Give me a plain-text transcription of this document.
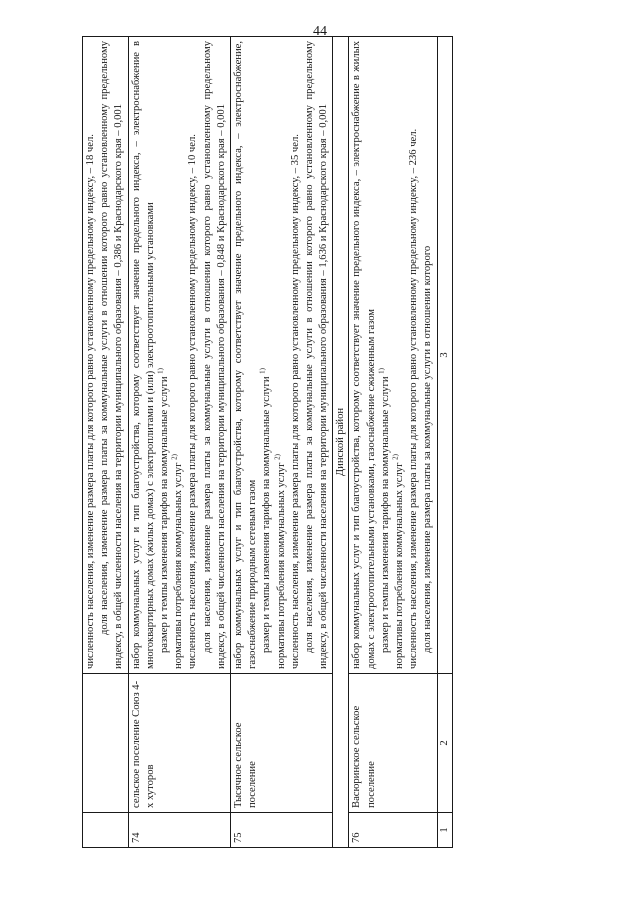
44

		численность населения, изменение размера платы для которого равно установленному предельному индексу, – 18 чел. доля населения, изменение размера платы за коммунальные услуги в отношении которого равно установленному предельному индексу, в общей численности населения на территории муниципального образования – 0,386 и Краснодарского края – 0,001

74	сельское поселение Союз 4-х хуторов	набор коммунальных услуг и тип благоустройства, которому соответствует значение предельного индекса, – электроснабжение в многоквартирных домах (жилых домах) с электроплитами и (или) электроотопительными установками размер и темпы изменения тарифов на коммунальные услуги $^{1)}$

нормативы потребления коммунальных услуг $^{2)}$ численность населения, изменение размера платы для которого равно установленному предельному индексу, – 10 чел. доля населения, изменение размера платы за коммунальные услуги в отношении которого равно установленному предельному индексу, в общей численности населения на территории муниципального образования – 0,848 и Краснодарского края – 0,001

75	Тысячное сельское поселение	набор коммунальных услуг и тип благоустройства, которому соответствует значение предельного индекса, – электроснабжение, газоснабжение природным сетевым газом размер и темпы изменения тарифов на коммунальные услуги $^{1)}$

нормативы потребления коммунальных услуг $^{2)}$ численность населения, изменение размера платы для которого равно установленному предельному индексу, – 35 чел. доля населения, изменение размера платы за коммунальные услуги в отношении которого равно установленному предельному индексу, в общей численности населения на территории муниципального образования – 1,636 и Краснодарского края – 0,001

Динской район		
76	Васюринское сельское поселение	набор коммунальных услуг и тип благоустройства, которому соответствует значение предельного индекса, – электроснабжение в жилых домах с электроотопительными установками, газоснабжение сжиженным газом размер и темпы изменения тарифов на коммунальные услуги $^{1)}$

нормативы потребления коммунальных услуг $^{2)}$ численность населения, изменение размера платы для которого равно установленному предельному индексу, – 236 чел. доля населения, изменение размера платы за коммунальные услуги в отношении которого

1	2	3
